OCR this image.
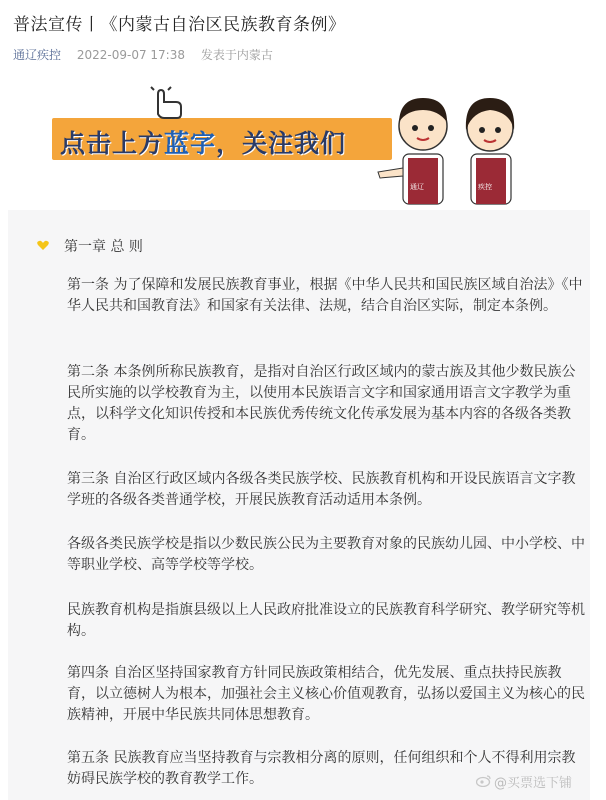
普法宣传丨《内蒙古自治区民族教育条例》
通辽疾控 2022-09-07 17:38 发表于内蒙古
点击上方蓝字，关注我们
通辽	疾控
第一章 总 则
第一条 为了保障和发展民族教育事业，根据《中华人民共和国民族区域自治法》《中华人民共和国教育法》和国家有关法律、法规，结合自治区实际，制定本条例。
第二条 本条例所称民族教育，是指对自治区行政区域内的蒙古族及其他少数民族公民所实施的以学校教育为主，以使用本民族语言文字和国家通用语言文字教学为重点，以科学文化知识传授和本民族优秀传统文化传承发展为基本内容的各级各类教育。
第三条 自治区行政区域内各级各类民族学校、民族教育机构和开设民族语言文字教学班的各级各类普通学校，开展民族教育活动适用本条例。
各级各类民族学校是指以少数民族公民为主要教育对象的民族幼儿园、中小学校、中等职业学校、高等学校等学校。
民族教育机构是指旗县级以上人民政府批准设立的民族教育科学研究、教学研究等机构。
第四条 自治区坚持国家教育方针同民族政策相结合，优先发展、重点扶持民族教育，以立德树人为根本，加强社会主义核心价值观教育，弘扬以爱国主义为核心的民族精神，开展中华民族共同体思想教育。
第五条 民族教育应当坚持教育与宗教相分离的原则，任何组织和个人不得利用宗教妨碍民族学校的教育教学工作。	@买票选下铺
